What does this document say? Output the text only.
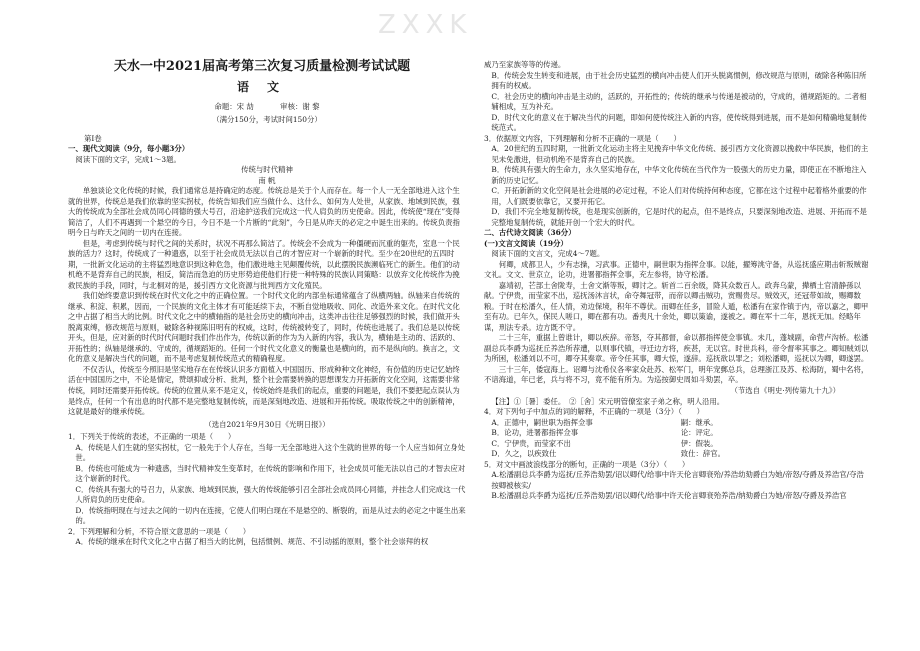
ZXXK

天水一中2021届高考第三次复习质量检测考试试题

语文

命题：宋 劼	审核：谢 黎

（满分150分，考试时间150分）

第Ⅰ卷

一、现代文阅读（9分，每小题3分）

阅读下面的文字，完成1～3题。

传统与时代精神

南 帆

单独谈论文化传统的时候，我们通常总是持确定的态度。传统总是关于个人而存在。每一个人一无全部地进入这个生就的世界，传统总是我们依靠的坚实拐杖，传统告知我们应当做什么、这什么、如何为人处世，从家族、地域到民族，强大的传统成为全部社会成员同心同德的强大号召，沿途护送我们完成这一代人肩负的历史使命。因此，传统使“现在”变得简洁了，人们不再遇到一个悬空的今日，今日不是一个片断的“此刻”，今日是从昨天的必定之中诞生出来的。传统负责指明今日与昨天之间的一切内在连接。

但是，考虑到传统与时代之间的关系时，状况不再那么简洁了。传统会不会成为一种僵硬而沉重的躯壳，室息一个民族的活力？这时，传统成了一种遗惑，以至于社会成员无法以自己的才智应对一个崭新的时代。至少在20世纪的五四时期，一批新文化运动的主将猛烈地意识到这种危急，他们激进地主见颠覆传统，以此摆脱民族濒临死亡的新生。他们的动机绝不是背弃自己的民族，相反，简洁而急迫的历史形势迫使他们行使一种特殊的民族认同策略：以放弃文化传统作为挽救民族的手段，同时，与北桐对的是，援引西方文化资源与批判西方文化殖民。

我们始终要意识到传统在时代文化之中的正确位置。一个时代文化的内部坐标通常蕴含了纵横两轴。纵轴来自传统的继承、积淀、积累，因而，一个民族的文化主体才有可能延续下去，不断自觉地吸收、同化、改造外来文化。在时代文化之中占据了相当大的比例。时代文化之中的横轴指的是社会历史的横向冲击，这类冲击往往足够强烈的时候，我们做开头脱离束缚，修改规范与原则，破除各种视陈旧明有的权威，这时，传统被转变了，同时，传统也进展了。我们总是以传统开头，但是，应对新的时代时代问题时我们作出作为，传统以新的作为为入新的内容，我认为，横轴是主动的、活跃的、开拓性的；纵轴是继承的、守成的，循规蹈矩的。任何一个时代文化意义的衡量也是横向的，而不是纵向的。换言之，文化的意义是解决当代的问题，而不是考虑复制传统范式的精确程度。

不仅否认，传统至今照旧是坚实地存在在传统认识多方面植入中国国历、形成种种文化神经，有份值的历史记忆始终活在中国国历之中，不论是情定，赞颂抑或分析、批判，整个社会需要转换的思想课发力开拓新的文化空间，这需要非常传统，同时还需要开拓传统。传统的位置从来不是定义，传统始终是我们的起点，重要的问题是，我们不要把起点误认为是终点，任何一个有出息的时代都不是完整地复制传统，而是深刻地改造、进展和开拓传统。吸取传统之中的创新精神，这就是最好的继承传统。

（选自2021年9月30日《光明日报》）

1．下列关于传统的表述，不正确的一项是（　　）

A．传统是人们生就的坚实拐杖，它一般先于个人存在，当每一无全部地进入这个生就的世界的每一个人应当如何立身处世。

B．传统也可能成为一种遗惑，当时代精神发生变革时，在传统的影响和作用下，社会成员可能无法以自己的才智去应对这个崭新的时代。

C．传统具有强大的号召力，从家族、地域到民族，强大的传统能够引召全部社会成员同心同德，并挂念人们完成这一代人所肩负的历史使命。

D．传统指明现在与过去之间的一切内在连接，它使人们明白现在不是悬空的、断裂的，而是从过去的必定之中诞生出来的。

2．下列理解和分析，不符合原文意思的一项是（　　）

A．传统的继承在时代文化之中占据了相当大的比例，包括惯例、规范、不引动摇的原则，整个社会崇拜的权

威乃至家族等等的传递。

B．传统会发生转变和进展，由于社会历史猛烈的横向冲击使人们开头脱离惯例，修改规范与原则，破除各种陈旧所拥有的权威。

C．社会历史的横向冲击是主动的，活跃的，开拓性的；传统的继承与传递是被动的，守成的，循规蹈矩的。二者相辅相成，互为补充。

D．时代文化的意义在于解决当代的问题，即如何使传统注入新的内容，使传统得到进展，而不是如何精确地复制传统范式。

3．依据原文内容，下列理解和分析不正确的一项是（　　）

A．20世纪的五四时期，一批新文化运动主将主见挽弃中华文化传统、援引西方文化资源以挽救中华民族，他们的主见未免激进，但动机绝不是背弃自己的民族。

B．传统具有强大的生命力，永久坚实地存在，中华文化传统在当代作为一股强大的历史力量，即使正在不断地注入新的历史记忆。

C．开拓新新的文化空间是社会进展的必定过程，不论人们对传统持何种态度，它都在这个过程中起着格外重要的作用，人们既要依靠它，又要开拓它。

D．我们不完全地复制传统，也是现实创新的，它是时代的起点，但不是终点，只要深刻地改造、进展、开拓而不是完整地复制传统，就能开创一个宏大的时代。

二、古代诗文阅读（36分）

(一)文言文阅读（19分）

阅读下面的文言文，完成4～7题。

何卿，成都卫人，少有志操，习武事。正德中，嗣世职为指挥佥事。以能，擢筹洮守备，从巡抚盛应期击斩叛贼谢文礼。文文、世京立，论功，进署都指挥佥事，充左参将，协守松潘。

嘉靖初，芒部土舍陇寿，土舍文渐等叛，卿讨之。斩首二百余级，降其众数百人。政奔乌蒙，撵栖土官清静孫以献。宁伊贵，而莹家不出，巡抚汤沐言状，命夺舞冠带，而帝以卿击贼功，赏赐贵尽。贼效灭，还冠带如故，赐卿数粮。于时在松潘久，任人情，劝边保境，积年不尊伏。而卿在任多，冒险人遁，松潘有在家作镇于内，帝以嘉之，卿甲至有功。已年久，保民人嗟口，卿在都有功。番夷凡十余处，卿以策谕，遂被之。卿在军十二年，恩抚无加。经略年谋，刑法专杀。边方既不守。

二十三年，重据上曾谁计，卿以疾辞。帝怒，夺其都督，命以都指挥使佥事镇。未几，蓬城副，命营卢沟桥。松潘副总兵李爵为巡抚丘养浩所荐遭，以则事代镇，寻迁边方将，疾甚，无以官。时世兵科，帝令督率其事之。卿知贼刘以为所困，松潘刘以不可，卿夺其奏章。帝令任其事，卿大惊，遂辞。巡抚欲以罪之；刘松潘卿，巡抚以为卿，卿遂罢。

三十三年，倭寇海上。诏卿与沈希仪各率家众赴苏、松军门，明年宠郵总兵，总理浙江及苏、松海防，蜀中名将，不谙海道，年已老，兵与将不习，竟不能有所为。为巡按御史周如斗劾罢，卒。

（节选自《明史·列传第九十九》）

【注】①［暑］委任。　②［舍］宋元明管僚室家子弟之称，明人沿用。

4．对下列句子中加点的词的解释，不正确的一项是（3分）（　　）

A．正德中，嗣世职为指挥佥事	嗣：继承。
B．论功，进署都指挥佥事	论：评定。
C．宁伊贵，而莹家不出	伊：假装。
D．久之，以疾致仕	致仕：辞官。

5．对文中画波浪线部分的断句，正确的一项是（3分）（　　）

A.松潘副总兵李爵为巡抚/丘养浩劾罢/诏以卿代/给事中许天伦言卿衰殆/养浩幼劾爵白为她/帝怒/夺爵及养浩官/夺浩按卿被核实/

B.松潘副总兵李爵为巡抚/丘养浩劾罢/诏以卿代/给事中许天伦言卿衰殆养浩/纳劾爵白为她/帝怒/夺爵及养浩官
